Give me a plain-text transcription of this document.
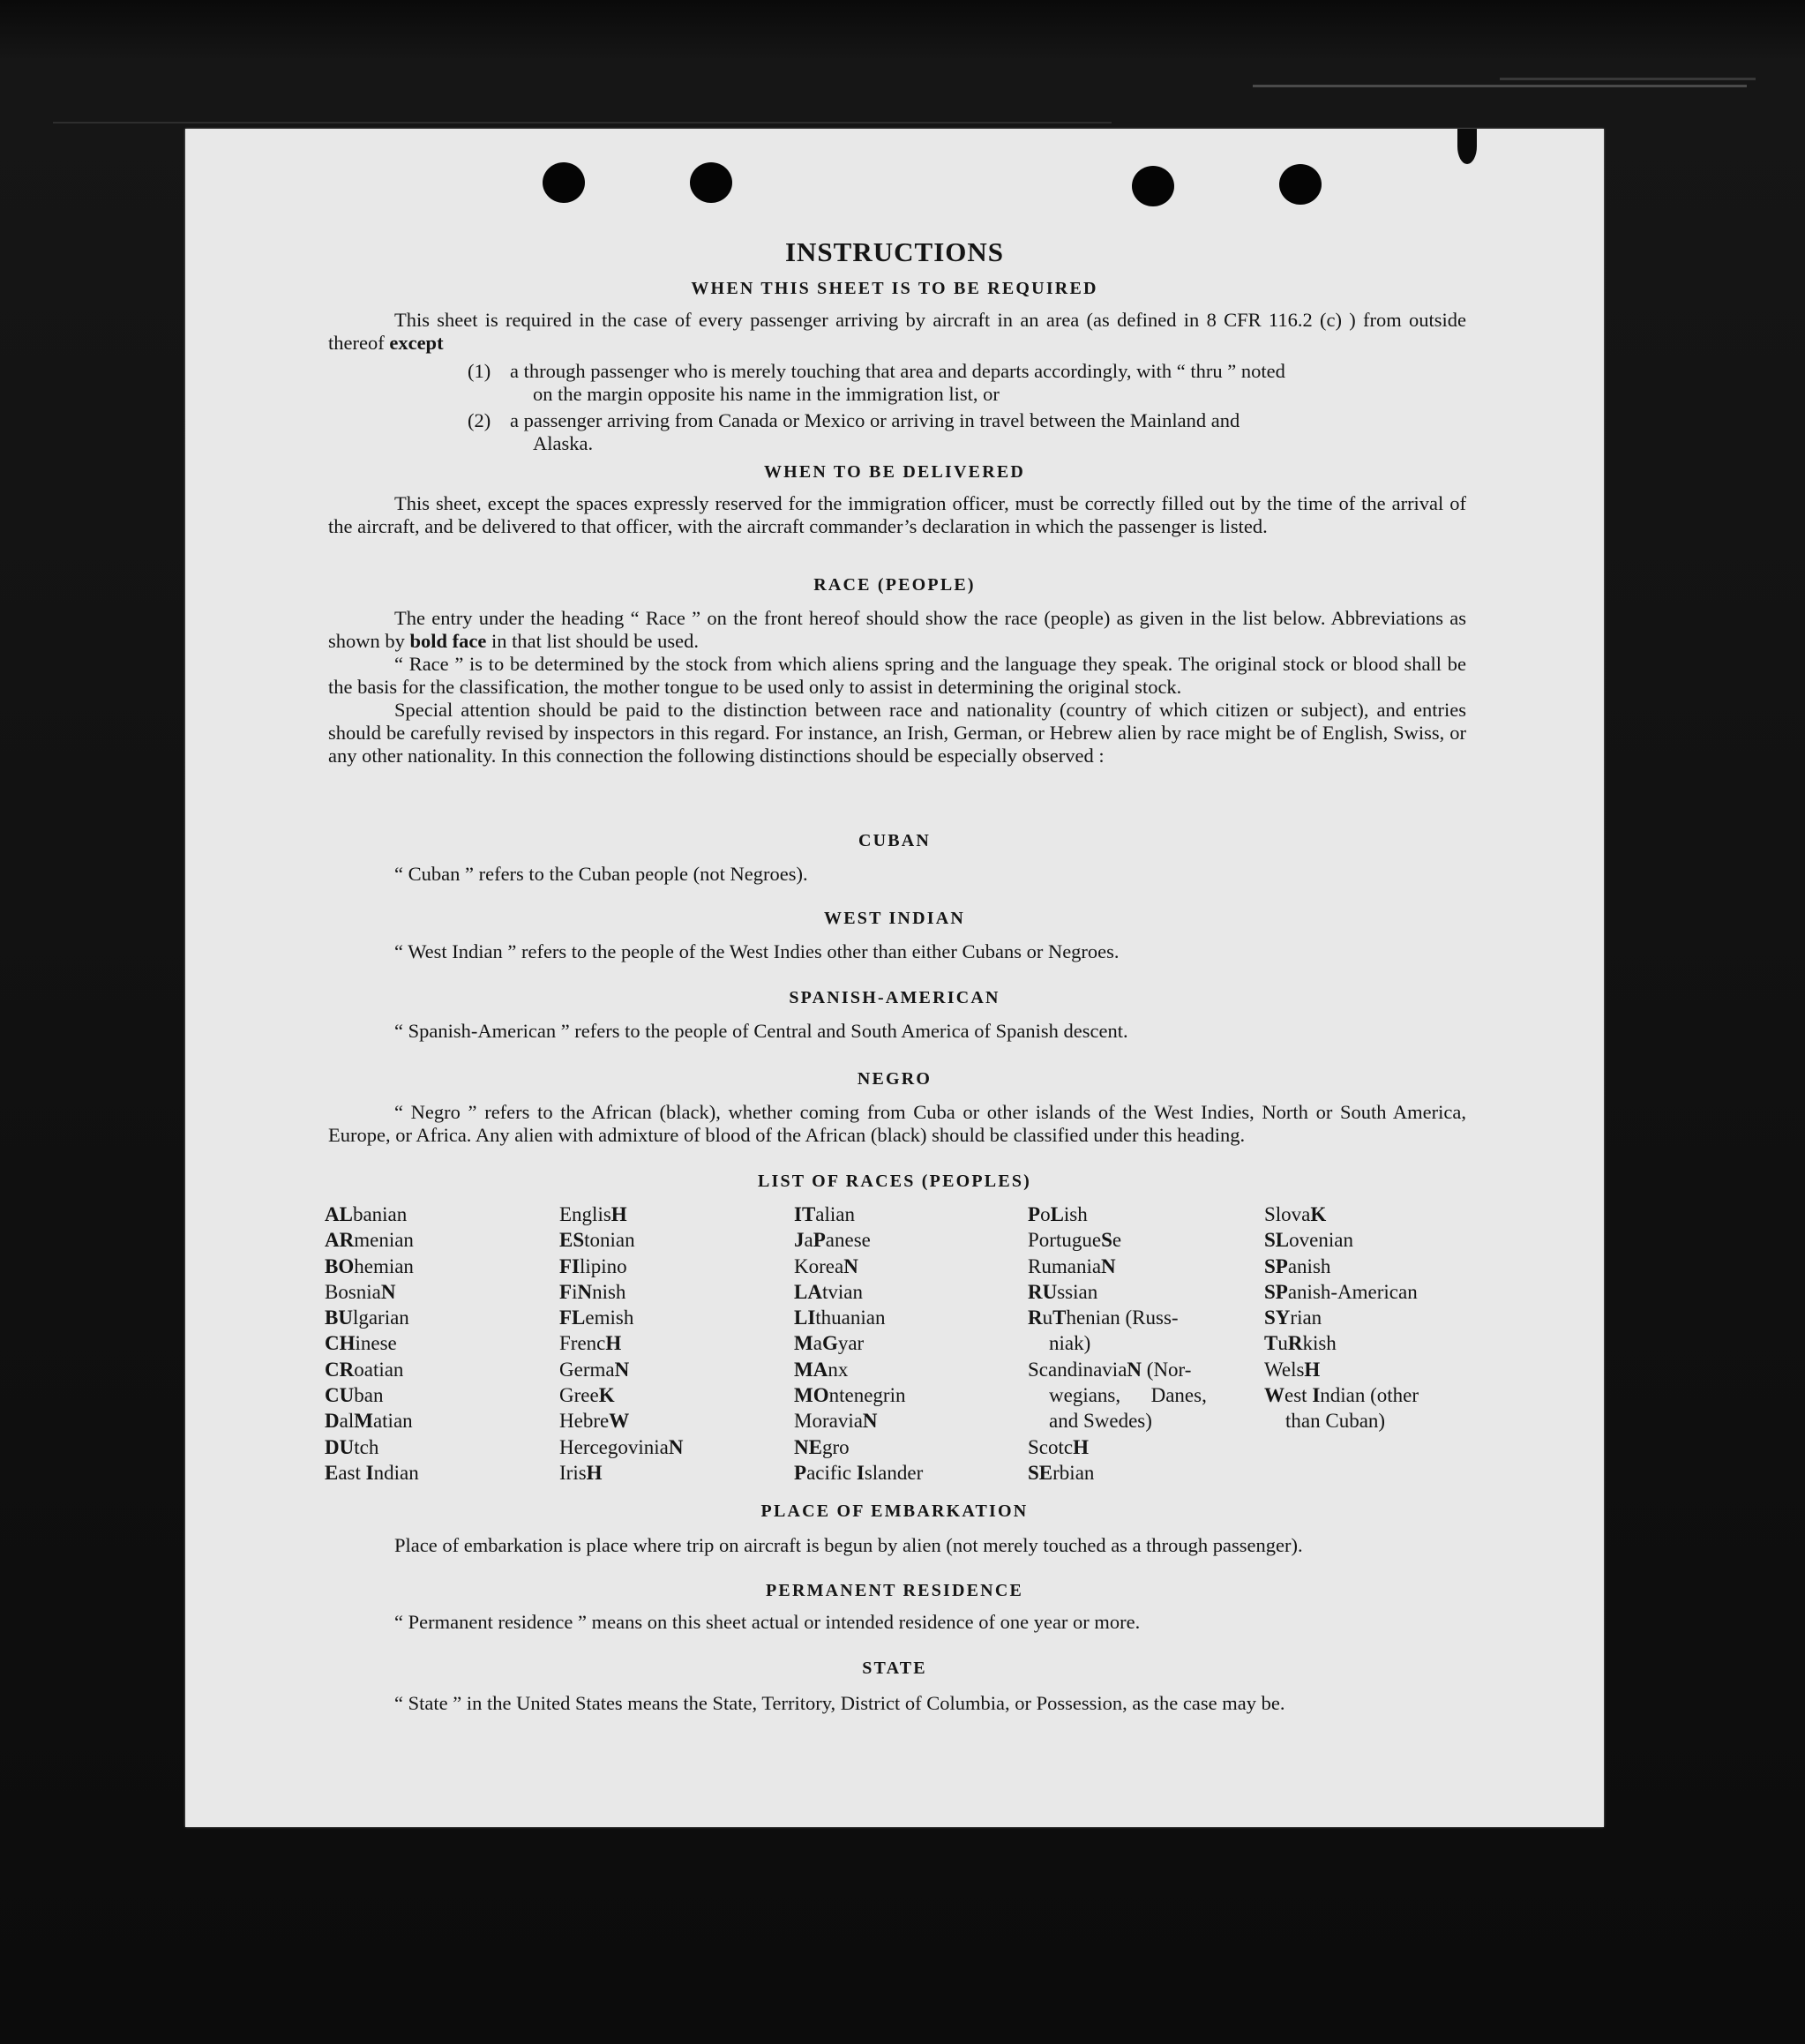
INSTRUCTIONS
WHEN THIS SHEET IS TO BE REQUIRED

This sheet is required in the case of every passenger arriving by aircraft in an area (as defined in 8 CFR 116.2 (c) ) from outside thereof except

(1) a through passenger who is merely touching that area and departs accordingly, with “ thru ” noted
on the margin opposite his name in the immigration list, or
(2) a passenger arriving from Canada or Mexico or arriving in travel between the Mainland and
Alaska.
WHEN TO BE DELIVERED

This sheet, except the spaces expressly reserved for the immigration officer, must be correctly filled out by the time of the arrival of the aircraft, and be delivered to that officer, with the aircraft commander’s declaration in which the passenger is listed.

RACE (PEOPLE)

The entry under the heading “ Race ” on the front hereof should show the race (people) as given in the list below. Abbreviations as shown by bold face in that list should be used.

“ Race ” is to be determined by the stock from which aliens spring and the language they speak. The original stock or blood shall be the basis for the classification, the mother tongue to be used only to assist in determining the original stock.

Special attention should be paid to the distinction between race and nationality (country of which citizen or subject), and entries should be carefully revised by inspectors in this regard. For instance, an Irish, German, or Hebrew alien by race might be of English, Swiss, or any other nationality. In this connection the following distinctions should be especially observed :

CUBAN

“ Cuban ” refers to the Cuban people (not Negroes).

WEST INDIAN

“ West Indian ” refers to the people of the West Indies other than either Cubans or Negroes.

SPANISH-AMERICAN

“ Spanish-American ” refers to the people of Central and South America of Spanish descent.

NEGRO

“ Negro ” refers to the African (black), whether coming from Cuba or other islands of the West Indies, North or South America, Europe, or Africa. Any alien with admixture of blood of the African (black) should be classified under this heading.

LIST OF RACES (PEOPLES)
ALbanian
ARmenian
BOhemian
BosniaN
BUlgarian
CHinese
CRoatian
CUban
DalMatian
DUtch
East Indian
EnglisH
EStonian
FIlipino
FiNnish
FLemish
FrencH
GermaN
GreeK
HebreW
HercegoviniaN
IrisH
ITalian
JaPanese
KoreaN
LAtvian
LIthuanian
MaGyar
MAnx
MOntenegrin
MoraviaN
NEgro
Pacific Islander
PoLish
PortugueSe
RumaniaN
RUssian
RuThenian (Russ-
niak)
ScandinaviaN (Nor-
wegians,      Danes,
and Swedes)
ScotcH
SErbian
SlovaK
SLovenian
SPanish
SPanish-American
SYrian
TuRkish
WelsH
West Indian (other
than Cuban)
PLACE OF EMBARKATION

Place of embarkation is place where trip on aircraft is begun by alien (not merely touched as a through passenger).

PERMANENT RESIDENCE

“ Permanent residence ” means on this sheet actual or intended residence of one year or more.

STATE

“ State ” in the United States means the State, Territory, District of Columbia, or Possession, as the case may be.
